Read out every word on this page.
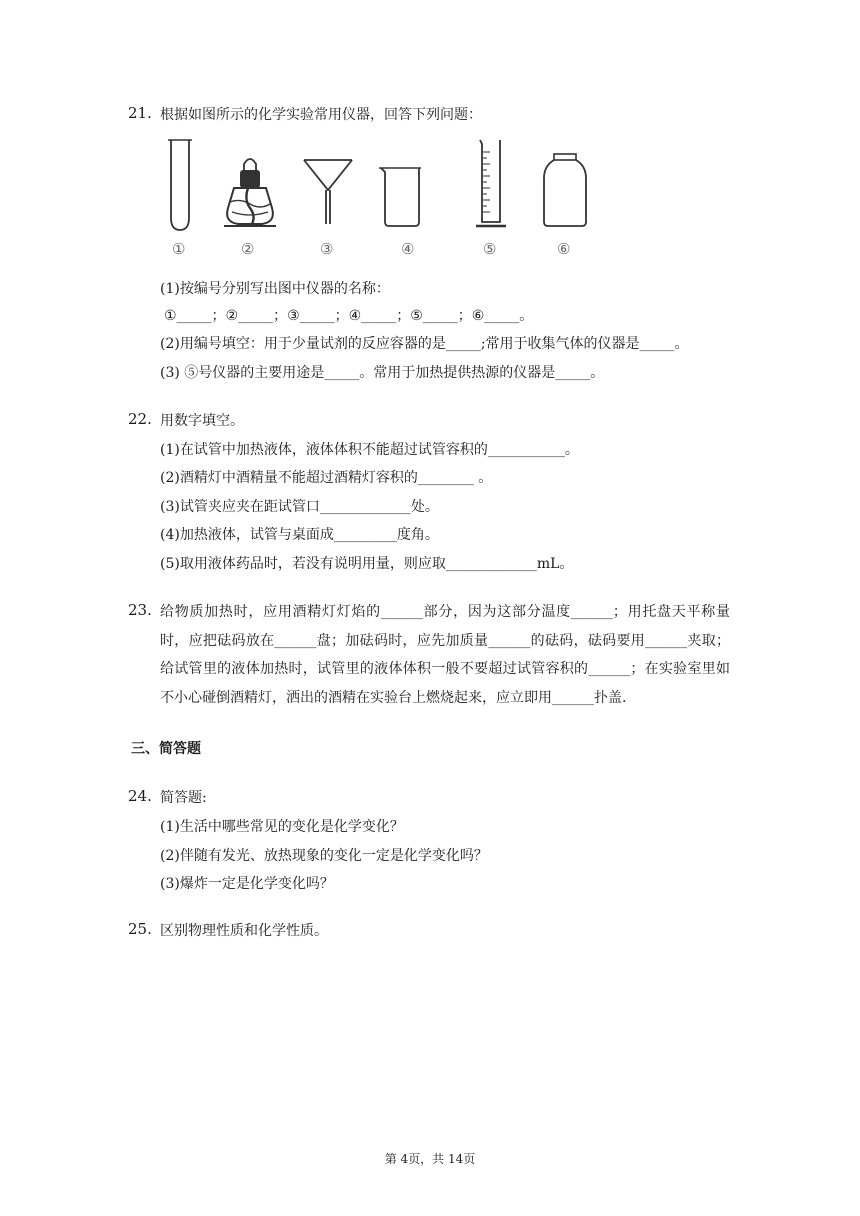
21. 根据如图所示的化学实验常用仪器，回答下列问题：
①	②	③	④	⑤	⑥
(1)按编号分别写出图中仪器的名称：
①_____；②_____；③_____；④_____；⑤_____；⑥_____。
(2)用编号填空：用于少量试剂的反应容器的是_____;常用于收集气体的仪器是_____。
(3) ⑤号仪器的主要用途是_____。常用于加热提供热源的仪器是_____。
22. 用数字填空。
(1)在试管中加热液体，液体体积不能超过试管容积的___________。
(2)酒精灯中酒精量不能超过酒精灯容积的________ 。
(3)试管夹应夹在距试管口_____________处。
(4)加热液体，试管与桌面成_________度角。
(5)取用液体药品时，若没有说明用量，则应取_____________mL。
23. 给物质加热时，应用酒精灯灯焰的______部分，因为这部分温度______；用托盘天平称量时，应把砝码放在______盘；加砝码时，应先加质量______的砝码，砝码要用______夹取；给试管里的液体加热时，试管里的液体体积一般不要超过试管容积的______；在实验室里如不小心碰倒酒精灯，洒出的酒精在实验台上燃烧起来，应立即用______扑盖.
三、简答题
24. 简答题:
(1)生活中哪些常见的变化是化学变化？
(2)伴随有发光、放热现象的变化一定是化学变化吗？
(3)爆炸一定是化学变化吗？
25. 区别物理性质和化学性质。
第 4页，共 14页
